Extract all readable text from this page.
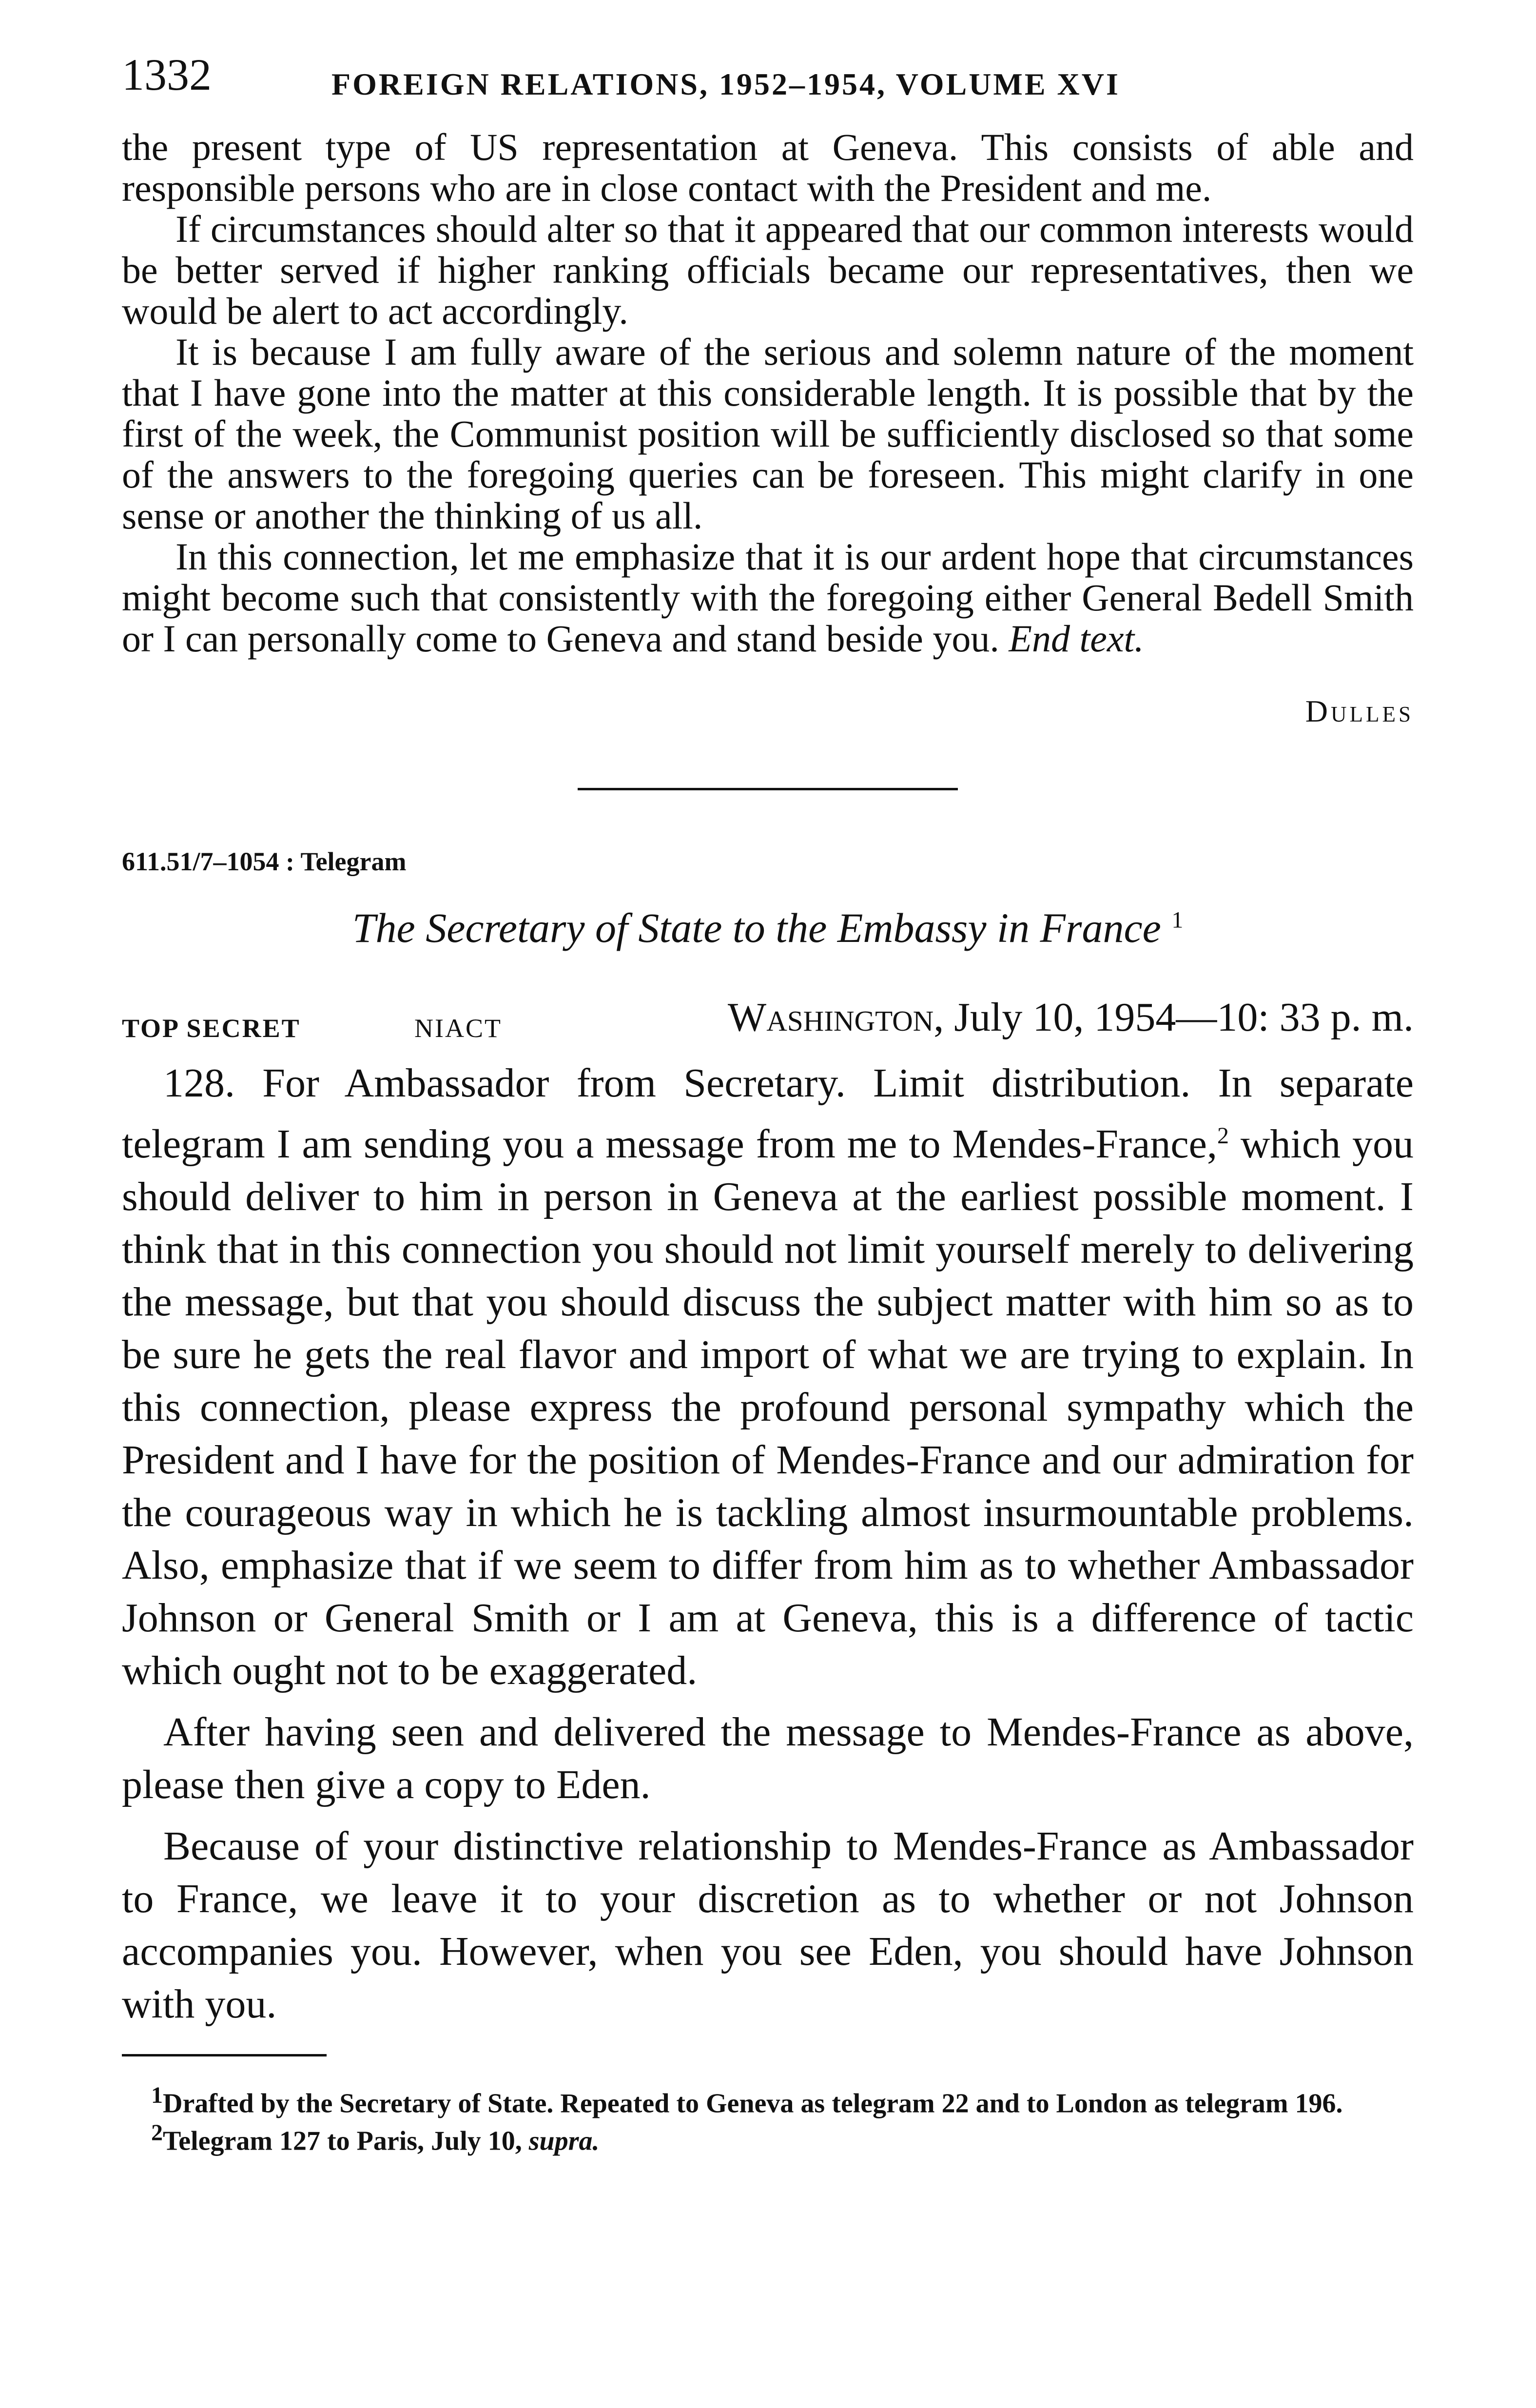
1332	FOREIGN RELATIONS, 1952–1954, VOLUME XVI

the present type of US representation at Geneva. This consists of able and responsible persons who are in close contact with the President and me.

If circumstances should alter so that it appeared that our common interests would be better served if higher ranking officials became our representatives, then we would be alert to act accordingly.

It is because I am fully aware of the serious and solemn nature of the moment that I have gone into the matter at this considerable length. It is possible that by the first of the week, the Communist position will be sufficiently disclosed so that some of the answers to the foregoing queries can be foreseen. This might clarify in one sense or another the thinking of us all.

In this connection, let me emphasize that it is our ardent hope that circumstances might become such that consistently with the foregoing either General Bedell Smith or I can personally come to Geneva and stand beside you. End text.

Dulles
611.51/7–1054 : Telegram
The Secretary of State to the Embassy in France $^1$
TOP SECRET	NIACT	Washington, July 10, 1954—10: 33 p. m.

128. For Ambassador from Secretary. Limit distribution. In separate telegram I am sending you a message from me to Mendes-France,$^2$ which you should deliver to him in person in Geneva at the earliest possible moment. I think that in this connection you should not limit yourself merely to delivering the message, but that you should discuss the subject matter with him so as to be sure he gets the real flavor and import of what we are trying to explain. In this connection, please express the profound personal sympathy which the President and I have for the position of Mendes-France and our admiration for the courageous way in which he is tackling almost insurmountable problems. Also, emphasize that if we seem to differ from him as to whether Ambassador Johnson or General Smith or I am at Geneva, this is a difference of tactic which ought not to be exaggerated.

After having seen and delivered the message to Mendes-France as above, please then give a copy to Eden.

Because of your distinctive relationship to Mendes-France as Ambassador to France, we leave it to your discretion as to whether or not Johnson accompanies you. However, when you see Eden, you should have Johnson with you.

$^1$Drafted by the Secretary of State. Repeated to Geneva as telegram 22 and to London as telegram 196.

$^2$Telegram 127 to Paris, July 10, supra.
